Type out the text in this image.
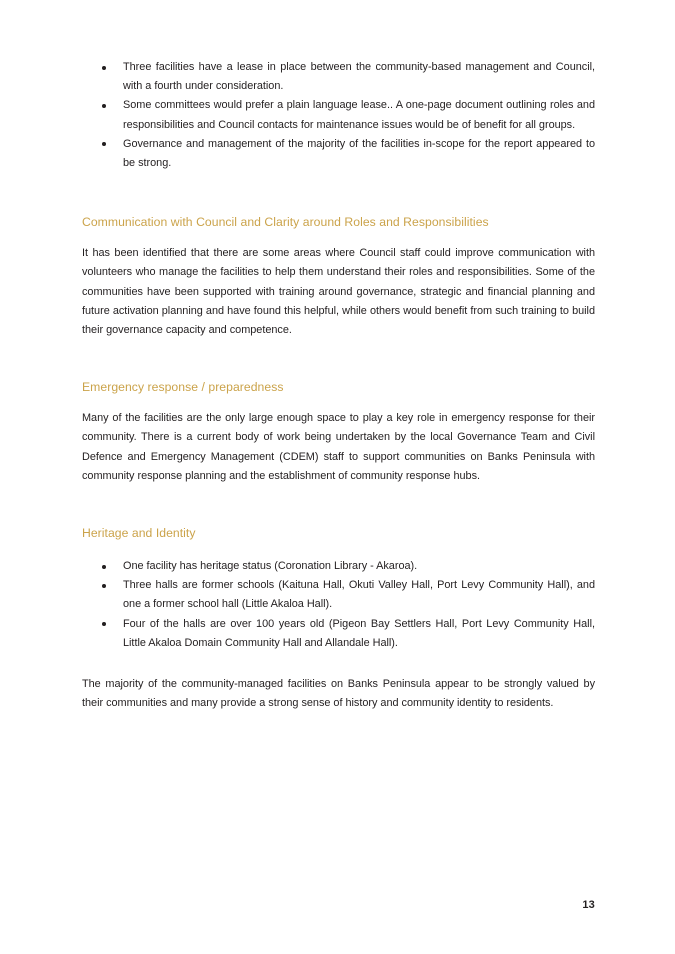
Three facilities have a lease in place between the community-based management and Council, with a fourth under consideration.
Some committees would prefer a plain language lease.. A one-page document outlining roles and responsibilities and Council contacts for maintenance issues would be of benefit for all groups.
Governance and management of the majority of the facilities in-scope for the report appeared to be strong.
Communication with Council and Clarity around Roles and Responsibilities

It has been identified that there are some areas where Council staff could improve communication with volunteers who manage the facilities to help them understand their roles and responsibilities. Some of the communities have been supported with training around governance, strategic and financial planning and future activation planning and have found this helpful, while others would benefit from such training to build their governance capacity and competence.

Emergency response / preparedness

Many of the facilities are the only large enough space to play a key role in emergency response for their community. There is a current body of work being undertaken by the local Governance Team and Civil Defence and Emergency Management (CDEM) staff to support communities on Banks Peninsula with community response planning and the establishment of community response hubs.

Heritage and Identity
One facility has heritage status (Coronation Library - Akaroa).
Three halls are former schools (Kaituna Hall, Okuti Valley Hall, Port Levy Community Hall), and one a former school hall (Little Akaloa Hall).
Four of the halls are over 100 years old (Pigeon Bay Settlers Hall, Port Levy Community Hall, Little Akaloa Domain Community Hall and Allandale Hall).

The majority of the community-managed facilities on Banks Peninsula appear to be strongly valued by their communities and many provide a strong sense of history and community identity to residents.

13
